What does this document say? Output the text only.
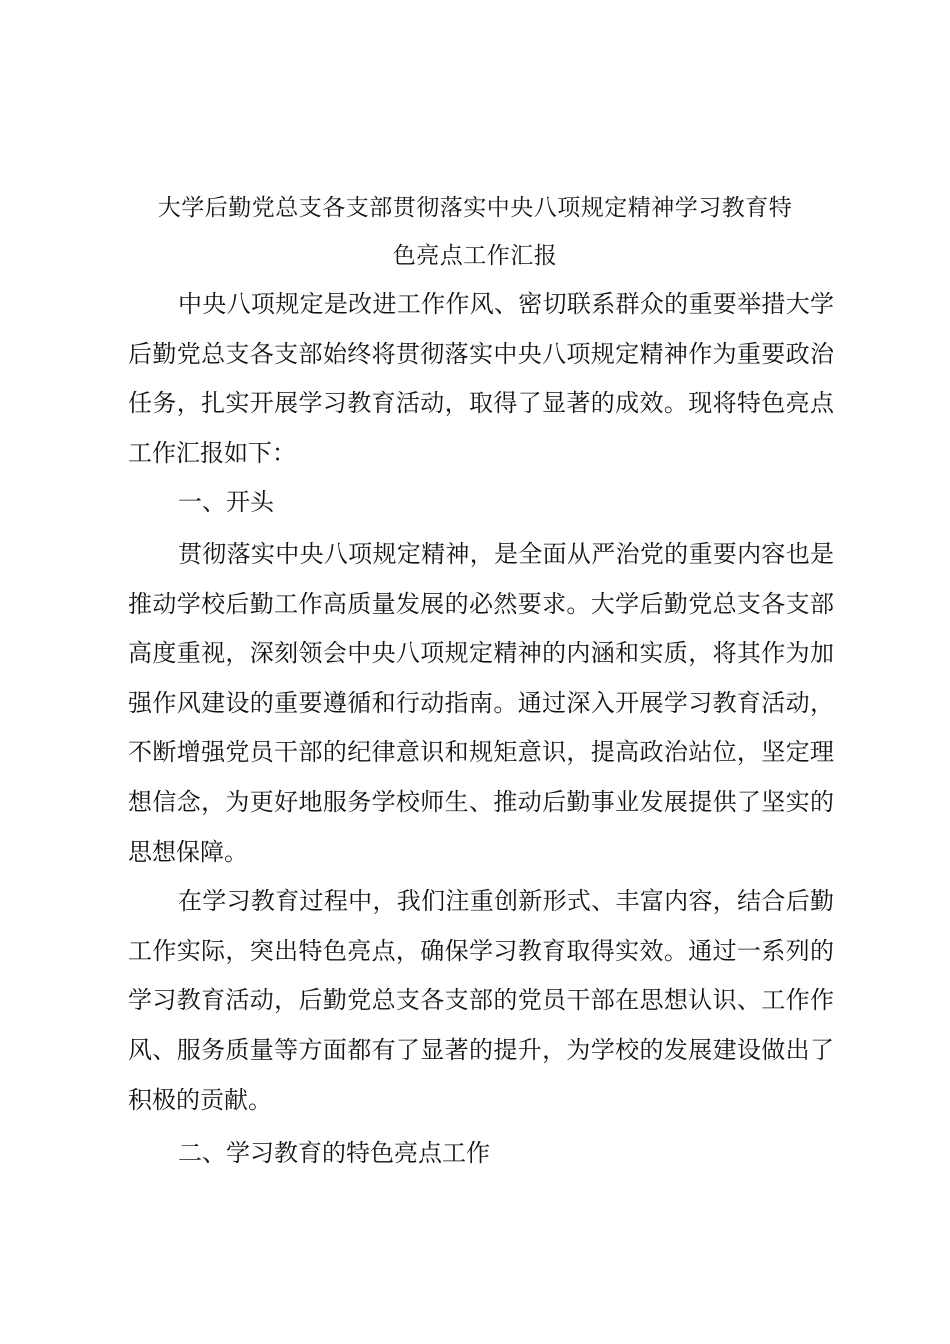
大学后勤党总支各支部贯彻落实中央八项规定精神学习教育特
色亮点工作汇报

中央八项规定是改进工作作风、密切联系群众的重要举措大学后勤党总支各支部始终将贯彻落实中央八项规定精神作为重要政治任务，扎实开展学习教育活动，取得了显著的成效。现将特色亮点工作汇报如下：

一、开头

贯彻落实中央八项规定精神，是全面从严治党的重要内容也是推动学校后勤工作高质量发展的必然要求。大学后勤党总支各支部高度重视，深刻领会中央八项规定精神的内涵和实质，将其作为加强作风建设的重要遵循和行动指南。通过深入开展学习教育活动，不断增强党员干部的纪律意识和规矩意识，提高政治站位，坚定理想信念，为更好地服务学校师生、推动后勤事业发展提供了坚实的思想保障。

在学习教育过程中，我们注重创新形式、丰富内容，结合后勤工作实际，突出特色亮点，确保学习教育取得实效。通过一系列的学习教育活动，后勤党总支各支部的党员干部在思想认识、工作作风、服务质量等方面都有了显著的提升，为学校的发展建设做出了积极的贡献。

二、学习教育的特色亮点工作
